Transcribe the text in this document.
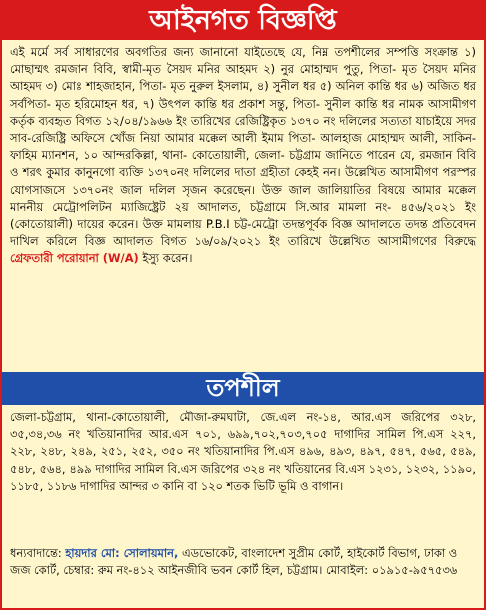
আইনগত বিজ্ঞপ্তি

এই মর্মে সর্ব সাধারণের অবগতির জন্য জানানো যাইতেছে যে, নিম্ন তপশীলের সম্পত্তি সংক্রান্ত ১) মোছাম্মৎ রমজান বিবি, স্বামী-মৃত সৈয়দ মনির আহমদ ২) নুর মোহাম্মদ পুতু, পিতা- মৃত সৈয়দ মনির আহমদ ৩) মোঃ শাহজাহান, পিতা- মৃত নুরুল ইসলাম, ৪) সুনীল ধর ৫) অনিল কান্তি ধর ৬) অজিত ধর সর্বপিতা- মৃত হরিমোহন ধর, ৭) উৎপল কান্তি ধর প্রকাশ সন্তু, পিতা- সুনীল কান্তি ধর নামক আসামীগণ কর্তৃক ব্যবহৃত বিগত ১২/০৪/১৯৬৬ ইং তারিখের রেজিষ্ট্রিকৃত ১৩৭০ নং দলিলের সত্যতা যাচাইয়ে সদর সাব-রেজিষ্ট্রি অফিসে খোঁজ নিয়া আমার মক্কেল আলী ইমাম পিতা- আলহাজ মোহাম্মদ আলী, সাকিন-ফাহিম ম্যানশন, ১০ আন্দরকিল্লা, থানা- কোতোয়ালী, জেলা- চট্টগ্রাম জানিতে পারেন যে, রমজান বিবি ও শরৎ কুমার কানুনগো ব্যক্তি ১৩৭০নং দলিলের দাতা গ্রহীতা কেহই নন। উল্লেখিত আসামীগণ পরস্পর যোগসাজসে ১৩৭০নং জাল দলিল সৃজন করেছেন। উক্ত জাল জালিয়াতির বিষয়ে আমার মক্কেল মাননীয় মেট্রোপলিটন ম্যাজিষ্ট্রেট ২য় আদালত, চট্টগ্রামে সি.আর মামলা নং- ৪৫৬/২০২১ ইং (কোতোয়ালী) দায়ের করেন। উক্ত মামলায় P.B.I চট্ট-মেট্রো তদন্তপূর্বক বিজ্ঞ আদালতে তদন্ত প্রতিবেদন দাখিল করিলে বিজ্ঞ আদালত বিগত ১৬/০৯/২০২১ ইং তারিখে উল্লেখিত আসামীগণের বিরুদ্ধে গ্রেফতারী পরোয়ানা (W/A) ইস্যু করেন।

তপশীল

জেলা-চট্টগ্রাম, থানা-কোতোয়ালী, মৌজা-রুমঘাটা, জে.এল নং-১৪, আর.এস জরিপের ৩২৮, ৩৫,৩৪,৩৬ নং খতিয়ানাদির আর.এস ৭০১, ৬৯৯,৭০২,৭০৩,৭০৫ দাগাদির সামিল পি.এস ২২৭, ২২৮, ২৪৮, ২৪৯, ২৫১, ২৫২, ৩৫০ নং খতিয়ানাদির পি.এস ৪৯৬, ৪৯৩, ৪৯৭, ৫৪৭, ৫৬৫, ৫৪৯, ৫৪৮, ৫৬৪, ৪৯৯ দাগাদির সামিল বি.এস জরিপের ৩২৪ নং খতিয়ানের বি.এস ১২৩১, ১২৩২, ১১৯০, ১১৮৫, ১১৮৬ দাগাদির আন্দর ৩ কানি বা ১২০ শতক ভিটি ভূমি ও বাগান।

ধন্যবাদান্তে: হায়দার মো: সোলায়মান, এডভোকেট, বাংলাদেশ সুপ্রীম কোর্ট, হাইকোর্ট বিভাগ, ঢাকা ও জজ কোর্ট, চেম্বার: রুম নং-৪১২ আইনজীবি ভবন কোর্ট হিল, চট্টগ্রাম। মোবাইল: ০১৯১৫-৯৫৭৫৩৬
